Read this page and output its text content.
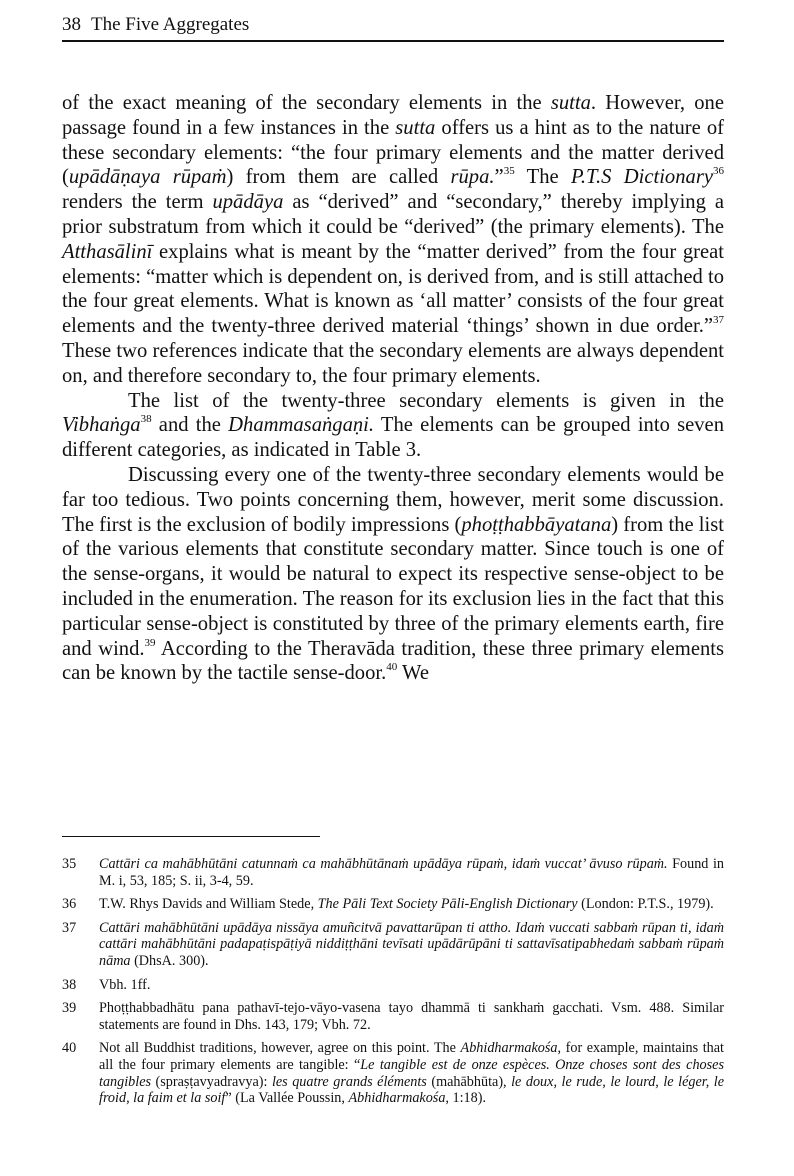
38 The Five Aggregates

of the exact meaning of the secondary elements in the sutta. However, one passage found in a few instances in the sutta offers us a hint as to the nature of these secondary elements: “the four primary elements and the matter derived (upādāṇaya rūpaṁ) from them are called rūpa.”$^{35}$ The P.T.S Dictionary$^{36}$ renders the term upādāya as “derived” and “secondary,” thereby implying a prior substratum from which it could be “derived” (the primary elements). The Atthasālinī explains what is meant by the “matter derived” from the four great elements: “matter which is dependent on, is derived from, and is still attached to the four great elements. What is known as ‘all matter’ consists of the four great elements and the twenty-three derived material ‘things’ shown in due order.”$^{37}$ These two references indicate that the secondary elements are always dependent on, and therefore secondary to, the four primary elements.

The list of the twenty-three secondary elements is given in the Vibhaṅga$^{38}$ and the Dhammasaṅgaṇi. The elements can be grouped into seven different categories, as indicated in Table 3.

Discussing every one of the twenty-three secondary elements would be far too tedious. Two points concerning them, however, merit some discussion. The first is the exclusion of bodily impressions (phoṭṭhabbāyatana) from the list of the various elements that constitute secondary matter. Since touch is one of the sense-organs, it would be natural to expect its respective sense-object to be included in the enumeration. The reason for its exclusion lies in the fact that this particular sense-object is constituted by three of the primary elements earth, fire and wind.$^{39}$ According to the Theravāda tradition, these three primary elements can be known by the tactile sense-door.$^{40}$ We

35 Cattāri ca mahābhūtāni catunnaṁ ca mahābhūtānaṁ upādāya rūpaṁ, idaṁ vuccat’ āvuso rūpaṁ. Found in M. i, 53, 185; S. ii, 3-4, 59.
36 T.W. Rhys Davids and William Stede, The Pāli Text Society Pāli-English Dictionary (London: P.T.S., 1979).
37 Cattāri mahābhūtāni upādāya nissāya amuñcitvā pavattarūpan ti attho. Idaṁ vuccati sabbaṁ rūpan ti, idaṁ cattāri mahābhūtāni padapaṭispāṭiyā niddiṭṭhāni tevīsati upādārūpāni ti sattavīsatipabhedaṁ sabbaṁ rūpaṁ nāma (DhsA. 300).
38 Vbh. 1ff.
39 Phoṭṭhabbadhātu pana pathavī-tejo-vāyo-vasena tayo dhammā ti sankhaṁ gacchati. Vsm. 488. Similar statements are found in Dhs. 143, 179; Vbh. 72.
40 Not all Buddhist traditions, however, agree on this point. The Abhidharmakośa, for example, maintains that all the four primary elements are tangible: “Le tangible est de onze espèces. Onze choses sont des choses tangibles (spraṣṭavyadravya): les quatre grands éléments (mahābhūta), le doux, le rude, le lourd, le léger, le froid, la faim et la soif” (La Vallée Poussin, Abhidharmakośa, 1:18).
